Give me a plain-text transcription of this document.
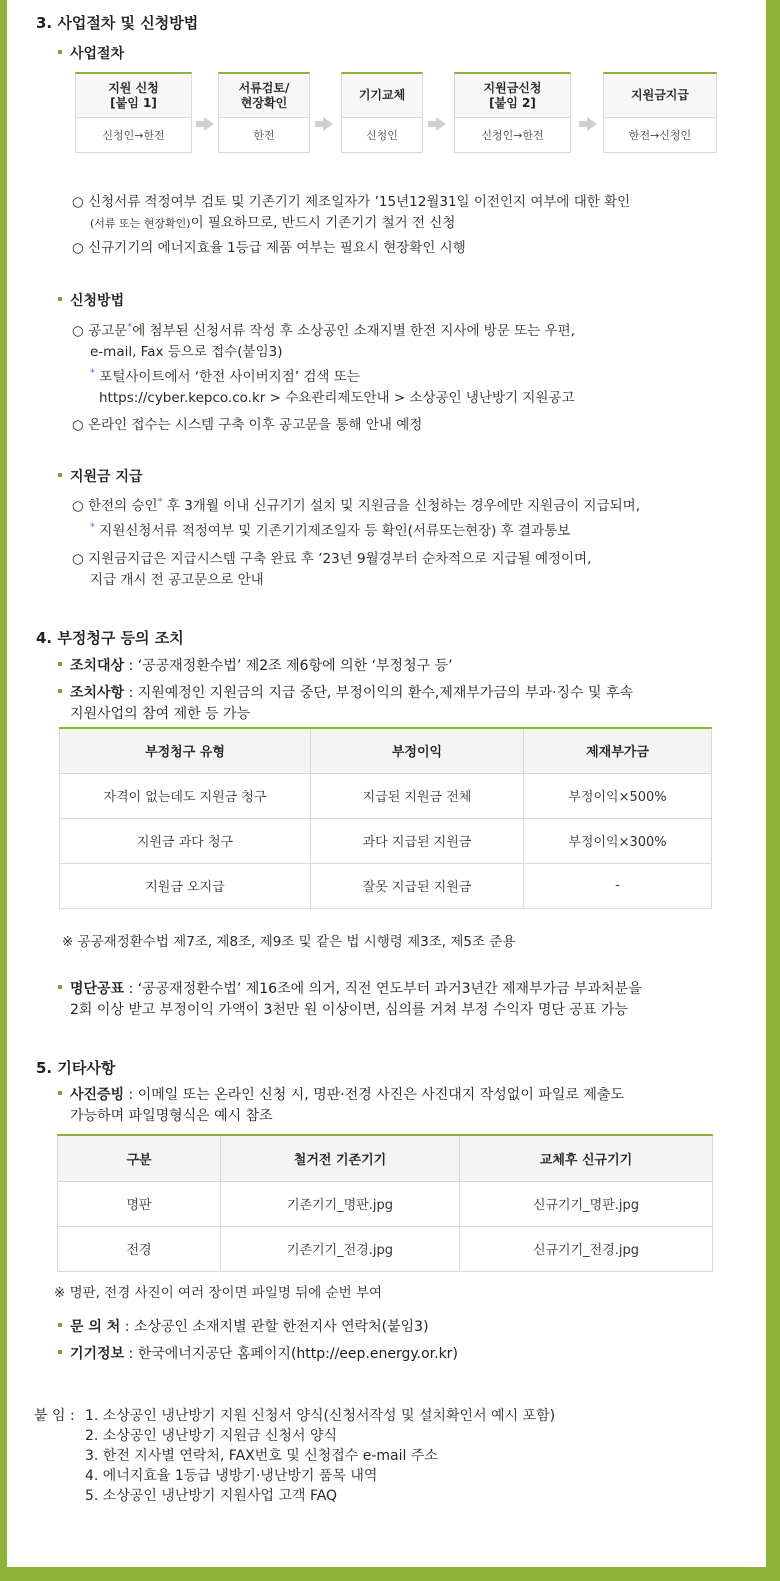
3. 사업절차 및 신청방법
사업절차
지원 신청
[붙임 1]
신청인→한전
서류검토/
현장확인
한전
기기교체
신청인
지원금신청
[붙임 2]
신청인→한전
지원금지급
한전→신청인
○ 신청서류 적정여부 검토 및 기존기기 제조일자가 ’15년12월31일 이전인지 여부에 대한 확인
(서류 또는 현장확인)이 필요하므로, 반드시 기존기기 철거 전 신청
○ 신규기기의 에너지효율 1등급 제품 여부는 필요시 현장확인 시행
신청방법
○ 공고문*에 첨부된 신청서류 작성 후 소상공인 소재지별 한전 지사에 방문 또는 우편,
e-mail, Fax 등으로 접수(붙임3)
* 포털사이트에서 ‘한전 사이버지점’ 검색 또는
https://cyber.kepco.co.kr > 수요관리제도안내 > 소상공인 냉난방기 지원공고
○ 온라인 접수는 시스템 구축 이후 공고문을 통해 안내 예정
지원금 지급
○ 한전의 승인* 후 3개월 이내 신규기기 설치 및 지원금을 신청하는 경우에만 지원금이 지급되며,
* 지원신청서류 적정여부 및 기존기기제조일자 등 확인(서류또는현장) 후 결과통보
○ 지원금지급은 지급시스템 구축 완료 후 ’23년 9월경부터 순차적으로 지급될 예정이며,
지급 개시 전 공고문으로 안내
4. 부정청구 등의 조치
조치대상 : ‘공공재정환수법’ 제2조 제6항에 의한 ‘부정청구 등’
조치사항 : 지원예정인 지원금의 지급 중단, 부정이익의 환수,제재부가금의 부과·징수 및 후속
지원사업의 참여 제한 등 가능
부정청구 유형	부정이익	제재부가금
자격이 없는데도 지원금 청구	지급된 지원금 전체	부정이익×500%
지원금 과다 청구	과다 지급된 지원금	부정이익×300%
지원금 오지급	잘못 지급된 지원금	-
※ 공공재정환수법 제7조, 제8조, 제9조 및 같은 법 시행령 제3조, 제5조 준용
명단공표 : ‘공공재정환수법’ 제16조에 의거, 직전 연도부터 과거3년간 제재부가금 부과처분을
2회 이상 받고 부정이익 가액이 3천만 원 이상이면, 심의를 거쳐 부정 수익자 명단 공표 가능
5. 기타사항
사진증빙 : 이메일 또는 온라인 신청 시, 명판·전경 사진은 사진대지 작성없이 파일로 제출도
가능하며 파일명형식은 예시 참조
구분	철거전 기존기기	교체후 신규기기
명판	기존기기_명판.jpg	신규기기_명판.jpg
전경	기존기기_전경.jpg	신규기기_전경.jpg
※ 명판, 전경 사진이 여러 장이면 파일명 뒤에 순번 부여
문 의 처 : 소상공인 소재지별 관할 한전지사 연락처(붙임3)
기기정보 : 한국에너지공단 홈페이지(http://eep.energy.or.kr)
붙 임 : 1. 소상공인 냉난방기 지원 신청서 양식(신청서작성 및 설치확인서 예시 포함)
2. 소상공인 냉난방기 지원금 신청서 양식
3. 한전 지사별 연락처, FAX번호 및 신청접수 e-mail 주소
4. 에너지효율 1등급 냉방기·냉난방기 품목 내역
5. 소상공인 냉난방기 지원사업 고객 FAQ
